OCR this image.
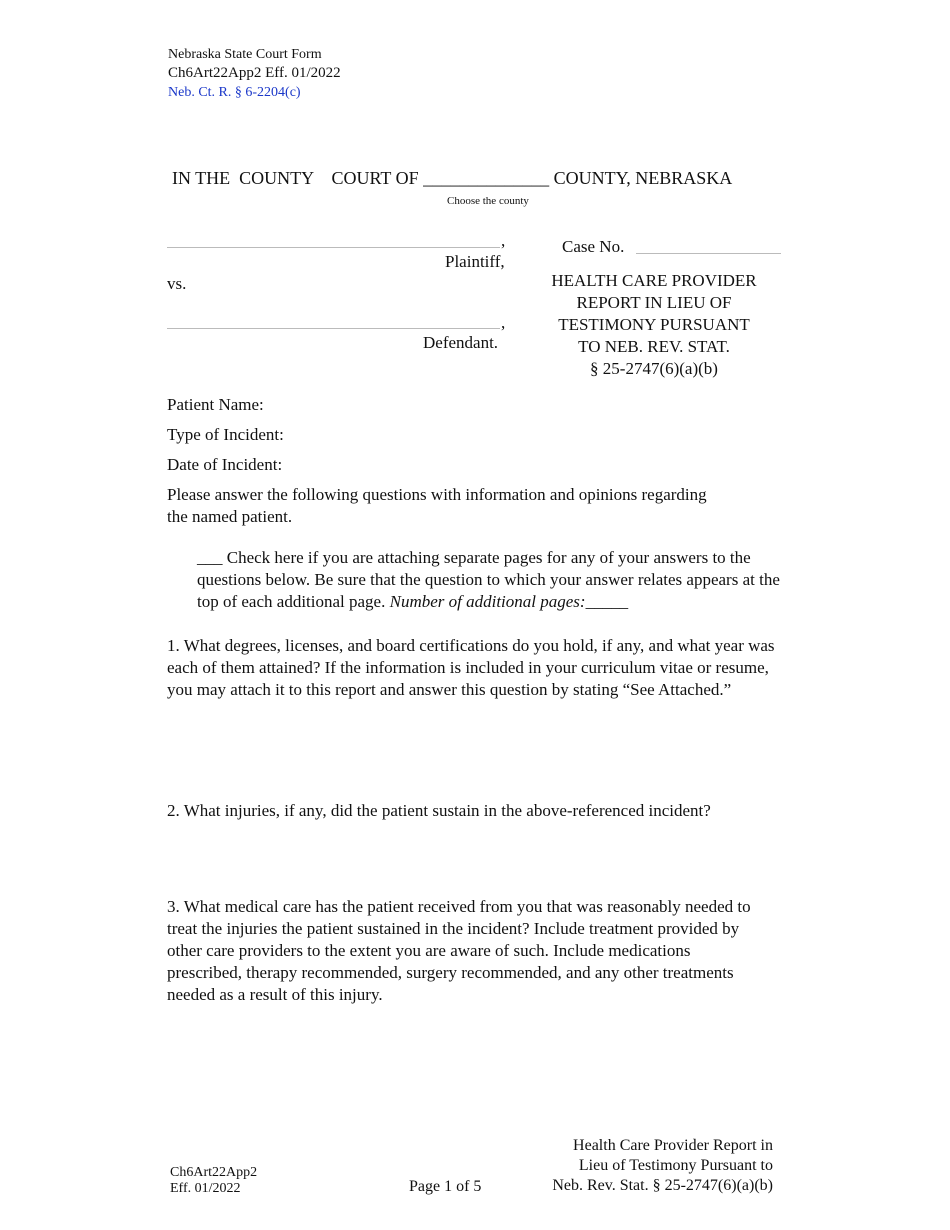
Nebraska State Court Form
Ch6Art22App2 Eff. 01/2022
Neb. Ct. R. § 6-2204(c)
IN THE  COUNTY    COURT OF ______________ COUNTY, NEBRASKA
Choose the county
,
Plaintiff,
vs.
,
Defendant.
Case No.
HEALTH CARE PROVIDER
REPORT IN LIEU OF
TESTIMONY PURSUANT
TO NEB. REV. STAT.
§ 25-2747(6)(a)(b)
Patient Name:
Type of Incident:
Date of Incident:
Please answer the following questions with information and opinions regarding the named patient.
___ Check here if you are attaching separate pages for any of your answers to the questions below. Be sure that the question to which your answer relates appears at the top of each additional page. Number of additional pages:_____
1. What degrees, licenses, and board certifications do you hold, if any, and what year was each of them attained? If the information is included in your curriculum vitae or resume, you may attach it to this report and answer this question by stating “See Attached.”
2. What injuries, if any, did the patient sustain in the above-referenced incident?
3. What medical care has the patient received from you that was reasonably needed to treat the injuries the patient sustained in the incident? Include treatment provided by other care providers to the extent you are aware of such. Include medications prescribed, therapy recommended, surgery recommended, and any other treatments needed as a result of this injury.
Ch6Art22App2
Eff. 01/2022	Page 1 of 5
Health Care Provider Report in
Lieu of Testimony Pursuant to
Neb. Rev. Stat. § 25-2747(6)(a)(b)
